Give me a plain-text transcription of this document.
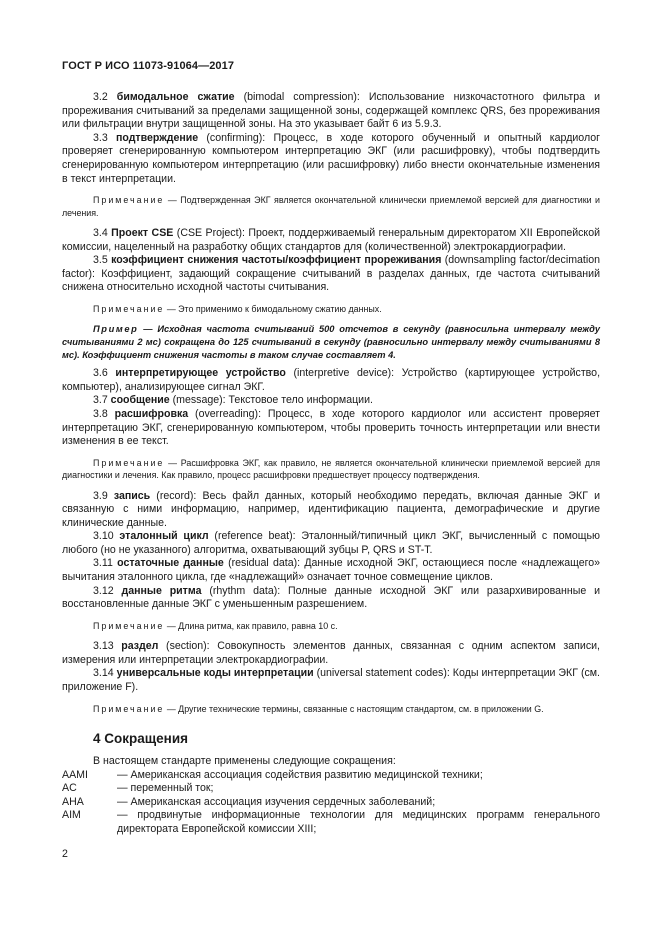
ГОСТ Р ИСО 11073-91064—2017

3.2 бимодальное сжатие (bimodal compression): Использование низкочастотного фильтра и прореживания считываний за пределами защищенной зоны, содержащей комплекс QRS, без прореживания или фильтрации внутри защищенной зоны. На это указывает байт 6 из 5.9.3.

3.3 подтверждение (confirming): Процесс, в ходе которого обученный и опытный кардиолог проверяет сгенерированную компьютером интерпретацию ЭКГ (или расшифровку), чтобы подтвердить сгенерированную компьютером интерпретацию (или расшифровку) либо внести окончательные изменения в текст интерпретации.

Примечание — Подтвержденная ЭКГ является окончательной клинически приемлемой версией для диагностики и лечения.

3.4 Проект CSE (CSE Project): Проект, поддерживаемый генеральным директоратом XII Европейской комиссии, нацеленный на разработку общих стандартов для (количественной) электрокардиографии.

3.5 коэффициент снижения частоты/коэффициент прореживания (downsampling factor/decimation factor): Коэффициент, задающий сокращение считываний в разделах данных, где частота считываний снижена относительно исходной частоты считывания.

Примечание — Это применимо к бимодальному сжатию данных.

Пример — Исходная частота считываний 500 отсчетов в секунду (равносильна интервалу между считываниями 2 мс) сокращена до 125 считываний в секунду (равносильно интервалу между считываниями 8 мс). Коэффициент снижения частоты в таком случае составляет 4.

3.6 интерпретирующее устройство (interpretive device): Устройство (картирующее устройство, компьютер), анализирующее сигнал ЭКГ.

3.7 сообщение (message): Текстовое тело информации.

3.8 расшифровка (overreading): Процесс, в ходе которого кардиолог или ассистент проверяет интерпретацию ЭКГ, сгенерированную компьютером, чтобы проверить точность интерпретации или внести изменения в ее текст.

Примечание — Расшифровка ЭКГ, как правило, не является окончательной клинически приемлемой версией для диагностики и лечения. Как правило, процесс расшифровки предшествует процессу подтверждения.

3.9 запись (record): Весь файл данных, который необходимо передать, включая данные ЭКГ и связанную с ними информацию, например, идентификацию пациента, демографические и другие клинические данные.

3.10 эталонный цикл (reference beat): Эталонный/типичный цикл ЭКГ, вычисленный с помощью любого (но не указанного) алгоритма, охватывающий зубцы P, QRS и ST-T.

3.11 остаточные данные (residual data): Данные исходной ЭКГ, остающиеся после «надлежащего» вычитания эталонного цикла, где «надлежащий» означает точное совмещение циклов.

3.12 данные ритма (rhythm data): Полные данные исходной ЭКГ или разархивированные и восстановленные данные ЭКГ с уменьшенным разрешением.

Примечание — Длина ритма, как правило, равна 10 с.

3.13 раздел (section): Совокупность элементов данных, связанная с одним аспектом записи, измерения или интерпретации электрокардиографии.

3.14 универсальные коды интерпретации (universal statement codes): Коды интерпретации ЭКГ (см. приложение F).

Примечание — Другие технические термины, связанные с настоящим стандартом, см. в приложении G.

4 Сокращения

В настоящем стандарте применены следующие сокращения:

AAMI	— Американская ассоциация содействия развитию медицинской техники;
AC	— переменный ток;
AHA	— Американская ассоциация изучения сердечных заболеваний;
AIM	— продвинутые информационные технологии для медицинских программ генерального директората Европейской комиссии XIII;
2
